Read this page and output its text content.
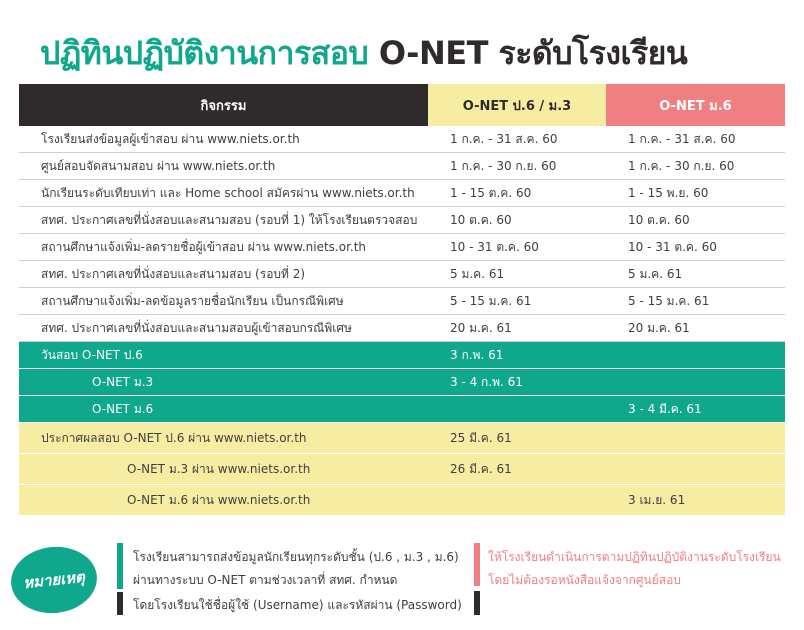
ปฏิทินปฏิบัติงานการสอบ O-NET ระดับโรงเรียน
กิจกรรม	O-NET ป.6 / ม.3	O-NET ม.6
โรงเรียนส่งข้อมูลผู้เข้าสอบ ผ่าน www.niets.or.th	1 ก.ค. - 31 ส.ค. 60	1 ก.ค. - 31 ส.ค. 60
ศูนย์สอบจัดสนามสอบ ผ่าน www.niets.or.th	1 ก.ค. - 30 ก.ย. 60	1 ก.ค. - 30 ก.ย. 60
นักเรียนระดับเทียบเท่า และ Home school สมัครผ่าน www.niets.or.th	1 - 15 ต.ค. 60	1 - 15 พ.ย. 60
สทศ. ประกาศเลขที่นั่งสอบและสนามสอบ (รอบที่ 1) ให้โรงเรียนตรวจสอบ	10 ต.ค. 60	10 ต.ค. 60
สถานศึกษาแจ้งเพิ่ม-ลดรายชื่อผู้เข้าสอบ ผ่าน www.niets.or.th	10 - 31 ต.ค. 60	10 - 31 ต.ค. 60
สทศ. ประกาศเลขที่นั่งสอบและสนามสอบ (รอบที่ 2)	5 ม.ค. 61	5 ม.ค. 61
สถานศึกษาแจ้งเพิ่ม-ลดข้อมูลรายชื่อนักเรียน เป็นกรณีพิเศษ	5 - 15 ม.ค. 61	5 - 15 ม.ค. 61
สทศ. ประกาศเลขที่นั่งสอบและสนามสอบผู้เข้าสอบกรณีพิเศษ	20 ม.ค. 61	20 ม.ค. 61
วันสอบ O-NET ป.6	3 ก.พ. 61	
O-NET ม.3	3 - 4 ก.พ. 61	
O-NET ม.6		3 - 4 มี.ค. 61
ประกาศผลสอบ O-NET ป.6 ผ่าน www.niets.or.th	25 มี.ค. 61	
O-NET ม.3 ผ่าน www.niets.or.th	26 มี.ค. 61	
O-NET ม.6 ผ่าน www.niets.or.th		3 เม.ย. 61
หมายเหตุ
โรงเรียนสามารถส่งข้อมูลนักเรียนทุกระดับชั้น (ป.6 , ม.3 , ม.6)
ผ่านทางระบบ O-NET ตามช่วงเวลาที่ สทศ. กำหนด
โดยโรงเรียนใช้ชื่อผู้ใช้ (Username) และรหัสผ่าน (Password)
ให้โรงเรียนดำเนินการตามปฏิทินปฏิบัติงานระดับโรงเรียน
โดยไม่ต้องรอหนังสือแจ้งจากศูนย์สอบ
